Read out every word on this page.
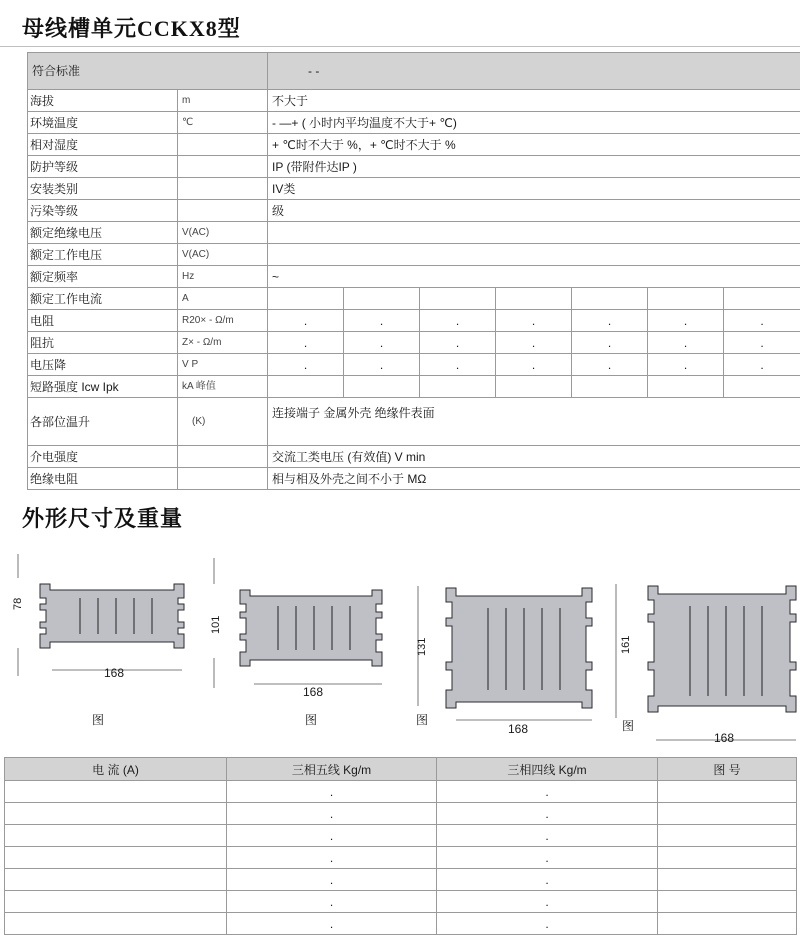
母线槽单元CCKX8型
符合标准		- -						
海拔	m	不大于						
环境温度	℃	- —+ ( 小时内平均温度不大于+ ℃)						
相对湿度		+ ℃时不大于 %，+ ℃时不大于 %						
防护等级		IP (带附件达IP )						
安装类别		IV类						
污染等级		级						
额定绝缘电压	V(AC)							
额定工作电压	V(AC)							
额定频率	Hz	~						
额定工作电流	A							
电阻	R20× - Ω/m	.	.	.	.	.	.	.
阻抗	Z× - Ω/m	.	.	.	.	.	.	.
电压降	V P	.	.	.	.	.	.	.
短路强度 Icw Ipk	kA 峰值							
各部位温升	(K)	连接端子 金属外壳 绝缘件表面						
介电强度		交流工类电压 (有效值) V min						
绝缘电阻		相与相及外壳之间不小于 MΩ						
外形尺寸及重量
78
168
图
101
168
图
131
168
图
161
168
图
电 流 (A)	三相五线 Kg/m	三相四线 Kg/m	图 号
	.	.	
	.	.	
	.	.	
	.	.	
	.	.	
	.	.	
	.	.	
